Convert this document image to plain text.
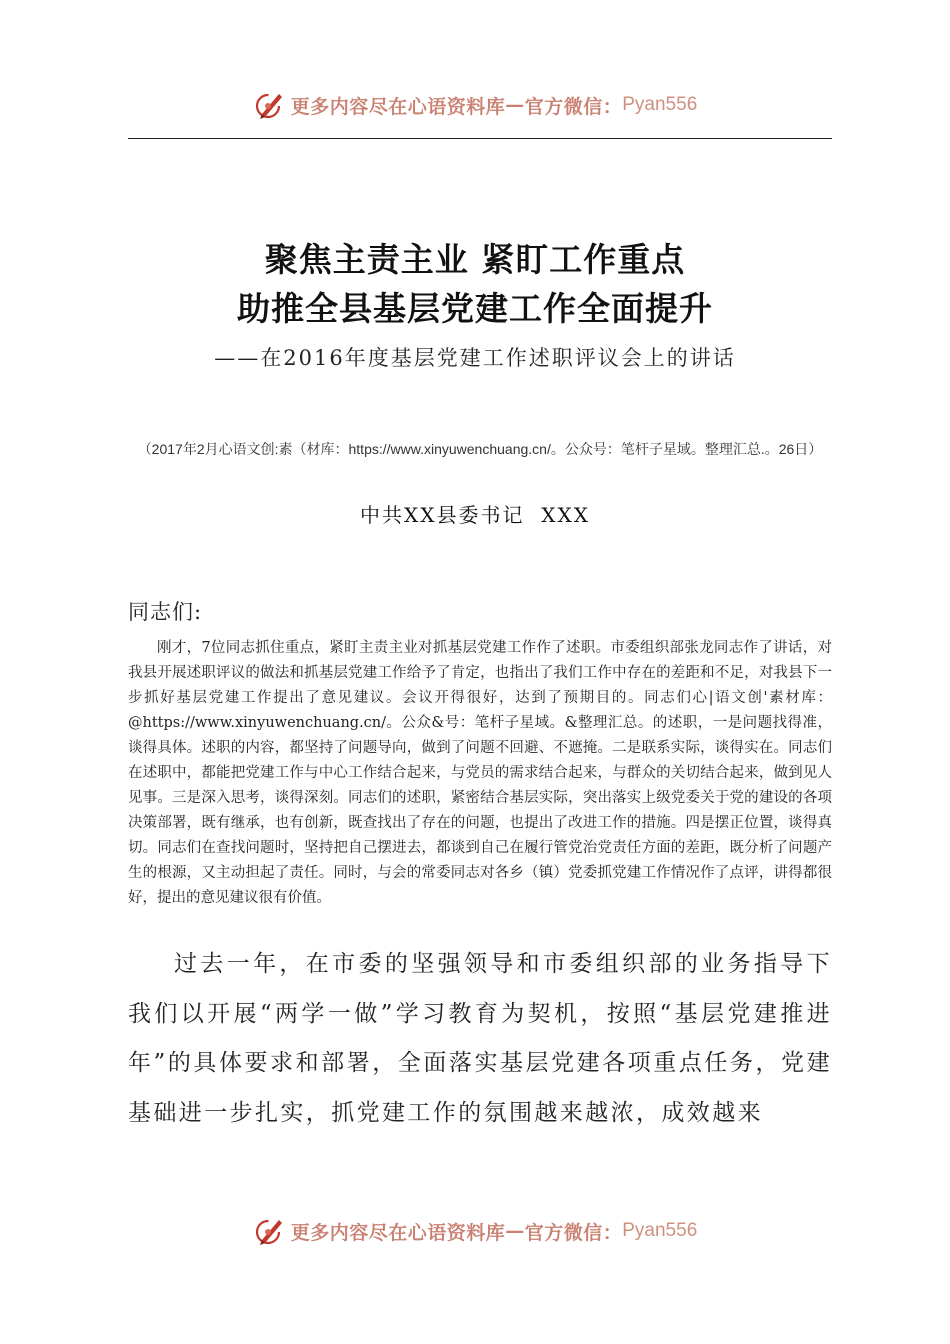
更多内容尽在心语资料库 — 官方微信： Pyan556
聚焦主责主业 紧盯工作重点
助推全县基层党建工作全面提升
——在2016年度基层党建工作述职评议会上的讲话
（2017年2月心语文创:素（材库：https://www.xinyuwenchuang.cn/。公众号：笔杆子星域。整理汇总.。26日）
中共XX县委书记  XXX
同志们:

刚才，7位同志抓住重点，紧盯主责主业对抓基层党建工作作了述职。市委组织部张龙同志作了讲话，对我县开展述职评议的做法和抓基层党建工作给予了肯定，也指出了我们工作中存在的差距和不足，对我县下一步抓好基层党建工作提出了意见建议。会议开得很好，达到了预期目的。同志们心|语文创'素材库：@https://www.xinyuwenchuang.cn/。公众&号：笔杆子星域。&整理汇总。的述职，一是问题找得准，谈得具体。述职的内容，都坚持了问题导向，做到了问题不回避、不遮掩。二是联系实际，谈得实在。同志们在述职中，都能把党建工作与中心工作结合起来，与党员的需求结合起来，与群众的关切结合起来，做到见人见事。三是深入思考，谈得深刻。同志们的述职，紧密结合基层实际，突出落实上级党委关于党的建设的各项决策部署，既有继承，也有创新，既查找出了存在的问题，也提出了改进工作的措施。四是摆正位置，谈得真切。同志们在查找问题时，坚持把自己摆进去，都谈到自己在履行管党治党责任方面的差距，既分析了问题产生的根源，又主动担起了责任。同时，与会的常委同志对各乡（镇）党委抓党建工作情况作了点评，讲得都很好，提出的意见建议很有价值。

过去一年，在市委的坚强领导和市委组织部的业务指导下我们以开展“两学一做”学习教育为契机，按照“基层党建推进年”的具体要求和部署，全面落实基层党建各项重点任务，党建基础进一步扎实，抓党建工作的氛围越来越浓，成效越来

更多内容尽在心语资料库 — 官方微信： Pyan556
